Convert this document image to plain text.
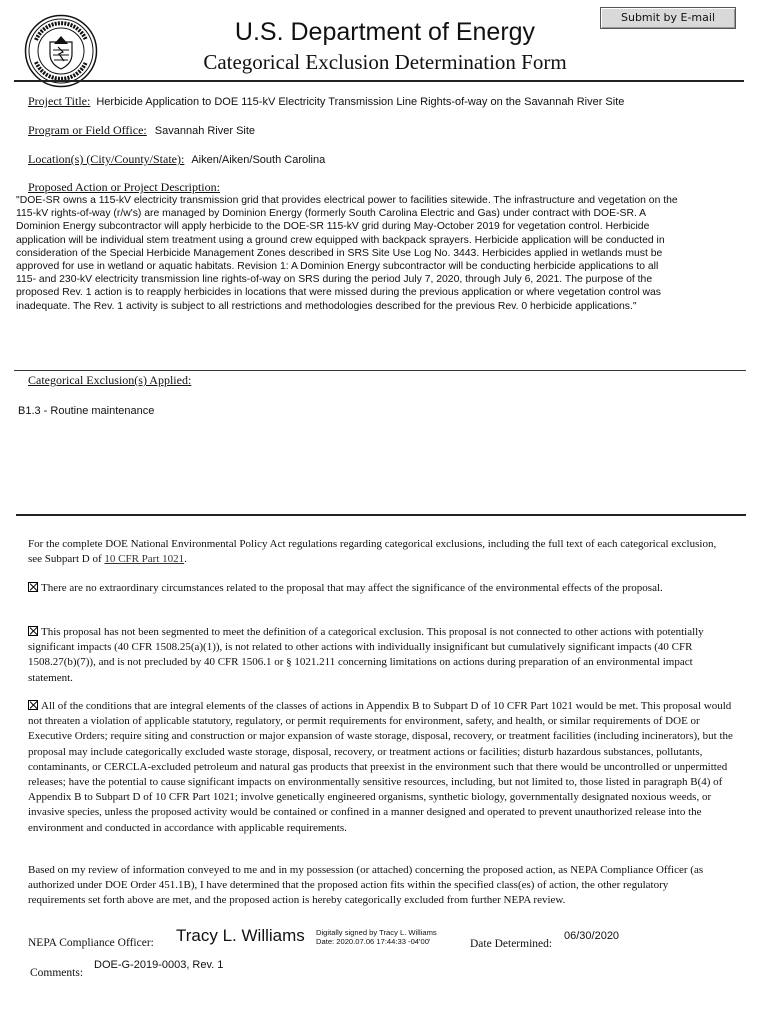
Submit by E-mail
U.S. Department of Energy
Categorical Exclusion Determination Form
Project Title: Herbicide Application to DOE 115-kV Electricity Transmission Line Rights-of-way on the Savannah River Site
Program or Field Office: Savannah River Site
Location(s) (City/County/State): Aiken/Aiken/South Carolina
Proposed Action or Project Description:
"DOE-SR owns a 115-kV electricity transmission grid that provides electrical power to facilities sitewide. The infrastructure and vegetation on the
115-kV rights-of-way (r/w's) are managed by Dominion Energy (formerly South Carolina Electric and Gas) under contract with DOE-SR. A
Dominion Energy subcontractor will apply herbicide to the DOE-SR 115-kV grid during May-October 2019 for vegetation control. Herbicide
application will be individual stem treatment using a ground crew equipped with backpack sprayers. Herbicide application will be conducted in
consideration of the Special Herbicide Management Zones described in SRS Site Use Log No. 3443. Herbicides applied in wetlands must be
approved for use in wetland or aquatic habitats. Revision 1: A Dominion Energy subcontractor will be conducting herbicide applications to all
115- and 230-kV electricity transmission line rights-of-way on SRS during the period July 7, 2020, through July 6, 2021. The purpose of the
proposed Rev. 1 action is to reapply herbicides in locations that were missed during the previous application or where vegetation control was
inadequate. The Rev. 1 activity is subject to all restrictions and methodologies described for the previous Rev. 0 herbicide applications."
Categorical Exclusion(s) Applied:
B1.3 - Routine maintenance
For the complete DOE National Environmental Policy Act regulations regarding categorical exclusions, including the full text of each categorical exclusion, see Subpart D of 10 CFR Part 1021.
There are no extraordinary circumstances related to the proposal that may affect the significance of the environmental effects of the proposal.
This proposal has not been segmented to meet the definition of a categorical exclusion. This proposal is not connected to other actions with potentially significant impacts (40 CFR 1508.25(a)(1)), is not related to other actions with individually insignificant but cumulatively significant impacts (40 CFR 1508.27(b)(7)), and is not precluded by 40 CFR 1506.1 or § 1021.211 concerning limitations on actions during preparation of an environmental impact statement.
All of the conditions that are integral elements of the classes of actions in Appendix B to Subpart D of 10 CFR Part 1021 would be met. This proposal would not threaten a violation of applicable statutory, regulatory, or permit requirements for environment, safety, and health, or similar requirements of DOE or Executive Orders; require siting and construction or major expansion of waste storage, disposal, recovery, or treatment facilities (including incinerators), but the proposal may include categorically excluded waste storage, disposal, recovery, or treatment actions or facilities; disturb hazardous substances, pollutants, contaminants, or CERCLA-excluded petroleum and natural gas products that preexist in the environment such that there would be uncontrolled or unpermitted releases; have the potential to cause significant impacts on environmentally sensitive resources, including, but not limited to, those listed in paragraph B(4) of Appendix B to Subpart D of 10 CFR Part 1021; involve genetically engineered organisms, synthetic biology, governmentally designated noxious weeds, or invasive species, unless the proposed activity would be contained or confined in a manner designed and operated to prevent unauthorized release into the environment and conducted in accordance with applicable requirements.
Based on my review of information conveyed to me and in my possession (or attached) concerning the proposed action, as NEPA Compliance Officer (as authorized under DOE Order 451.1B), I have determined that the proposed action fits within the specified class(es) of action, the other regulatory requirements set forth above are met, and the proposed action is hereby categorically excluded from further NEPA review.
NEPA Compliance Officer: Tracy L. Williams Digitally signed by Tracy L. Williams
Date: 2020.07.06 17:44:33 -04'00'	Date Determined:
06/30/2020
DOE-G-2019-0003, Rev. 1
Comments:
